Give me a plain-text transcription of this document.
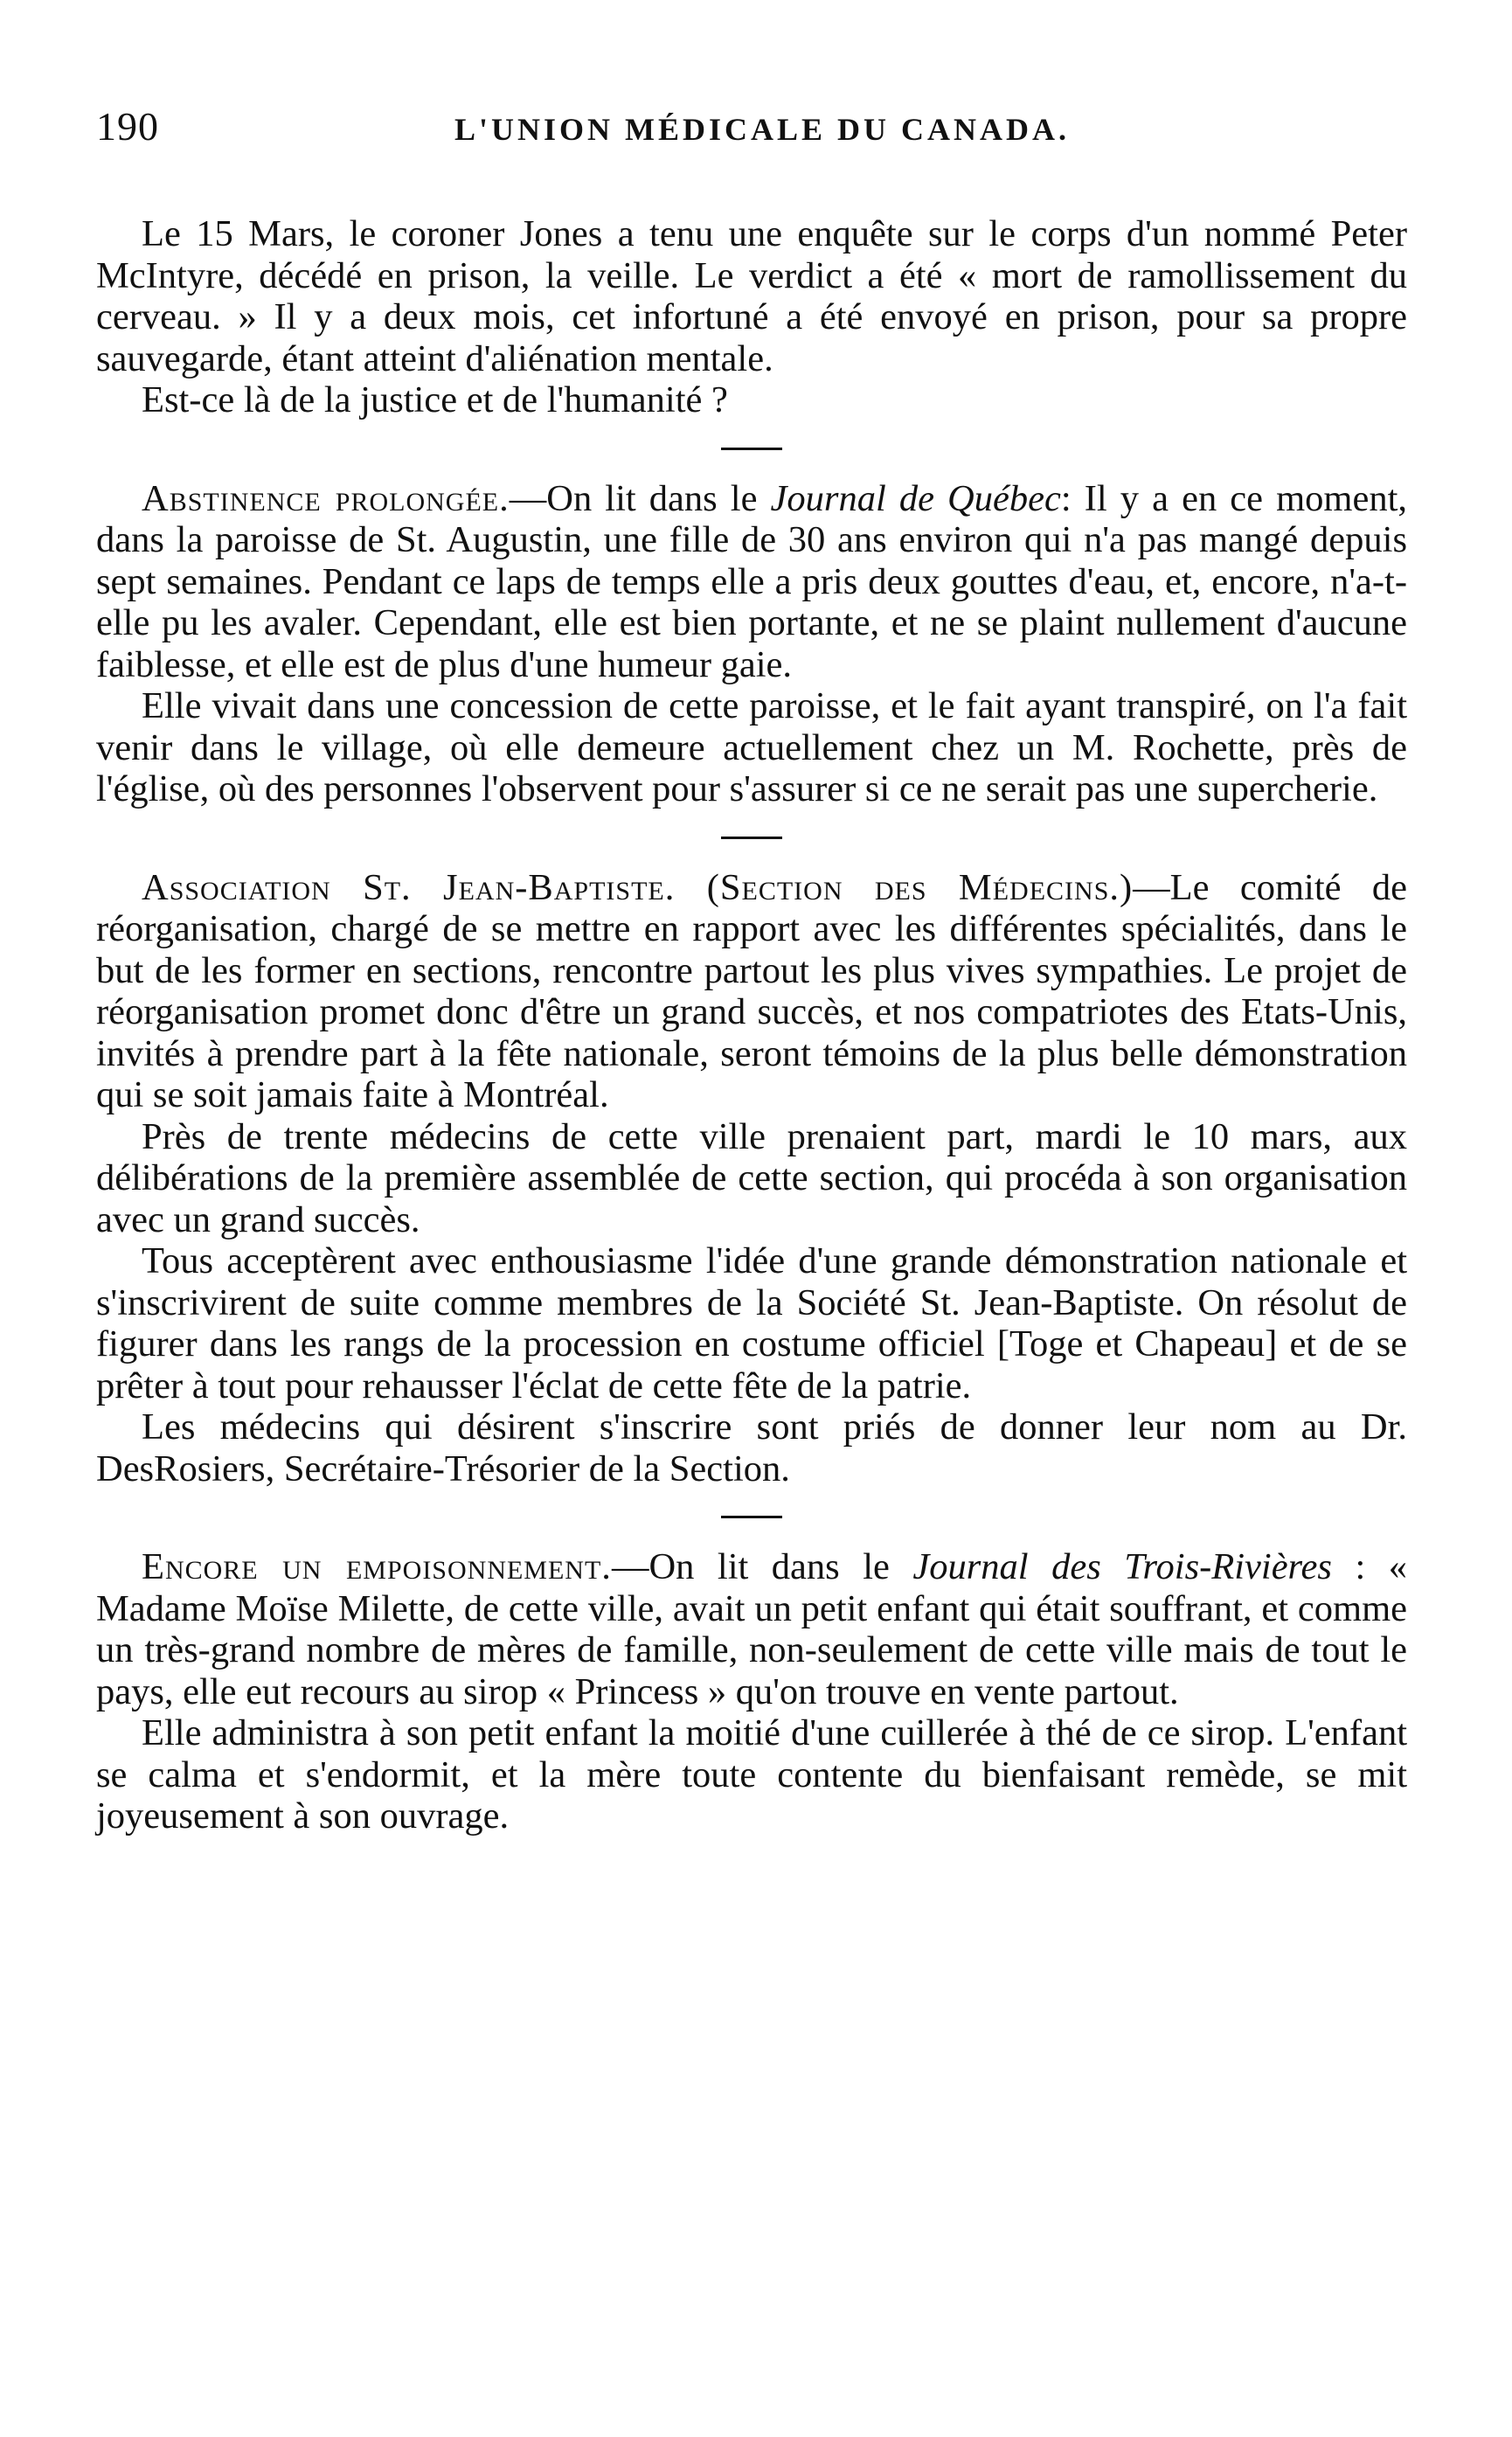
190	L'UNION MÉDICALE DU CANADA.

Le 15 Mars, le coroner Jones a tenu une enquête sur le corps d'un nommé Peter McIntyre, décédé en prison, la veille. Le verdict a été « mort de ramollissement du cerveau. » Il y a deux mois, cet infortuné a été envoyé en prison, pour sa propre sauvegarde, étant atteint d'aliénation mentale.

Est-ce là de la justice et de l'humanité ?

Abstinence prolongée.—On lit dans le Journal de Québec: Il y a en ce moment, dans la paroisse de St. Augustin, une fille de 30 ans environ qui n'a pas mangé depuis sept semaines. Pendant ce laps de temps elle a pris deux gouttes d'eau, et, encore, n'a-t-elle pu les avaler. Cependant, elle est bien portante, et ne se plaint nullement d'aucune faiblesse, et elle est de plus d'une humeur gaie.

Elle vivait dans une concession de cette paroisse, et le fait ayant transpiré, on l'a fait venir dans le village, où elle demeure actuellement chez un M. Rochette, près de l'église, où des personnes l'observent pour s'assurer si ce ne serait pas une supercherie.

Association St. Jean-Baptiste. (Section des Médecins.)—Le comité de réorganisation, chargé de se mettre en rapport avec les différentes spécialités, dans le but de les former en sections, rencontre partout les plus vives sympathies. Le projet de réorganisation promet donc d'être un grand succès, et nos compatriotes des Etats-Unis, invités à prendre part à la fête nationale, seront témoins de la plus belle démonstration qui se soit jamais faite à Montréal.

Près de trente médecins de cette ville prenaient part, mardi le 10 mars, aux délibérations de la première assemblée de cette section, qui procéda à son organisation avec un grand succès.

Tous acceptèrent avec enthousiasme l'idée d'une grande démonstration nationale et s'inscrivirent de suite comme membres de la Société St. Jean-Baptiste. On résolut de figurer dans les rangs de la procession en costume officiel [Toge et Chapeau] et de se prêter à tout pour rehausser l'éclat de cette fête de la patrie.

Les médecins qui désirent s'inscrire sont priés de donner leur nom au Dr. DesRosiers, Secrétaire-Trésorier de la Section.

Encore un empoisonnement.—On lit dans le Journal des Trois-Rivières : « Madame Moïse Milette, de cette ville, avait un petit enfant qui était souffrant, et comme un très-grand nombre de mères de famille, non-seulement de cette ville mais de tout le pays, elle eut recours au sirop « Princess » qu'on trouve en vente partout.

Elle administra à son petit enfant la moitié d'une cuillerée à thé de ce sirop. L'enfant se calma et s'endormit, et la mère toute contente du bienfaisant remède, se mit joyeusement à son ouvrage.
